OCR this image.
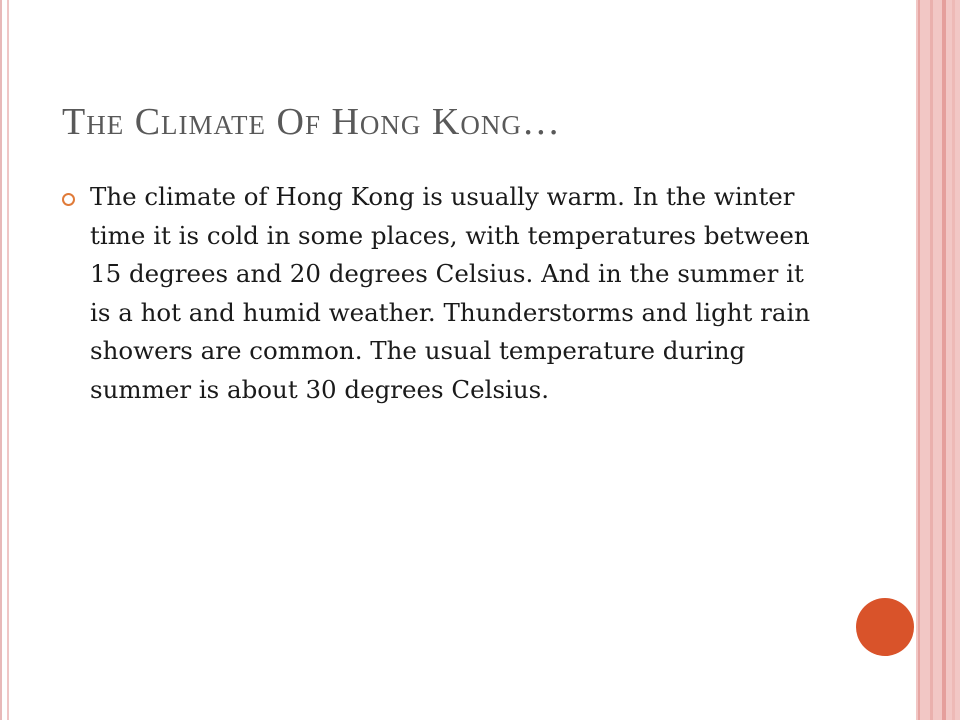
The Climate Of Hong Kong…

The climate of Hong Kong is usually warm. In the winter time it is cold in some places, with temperatures between 15 degrees and 20 degrees Celsius. And in the summer it is a hot and humid weather. Thunderstorms and light rain showers are common. The usual temperature during summer is about 30 degrees Celsius.
